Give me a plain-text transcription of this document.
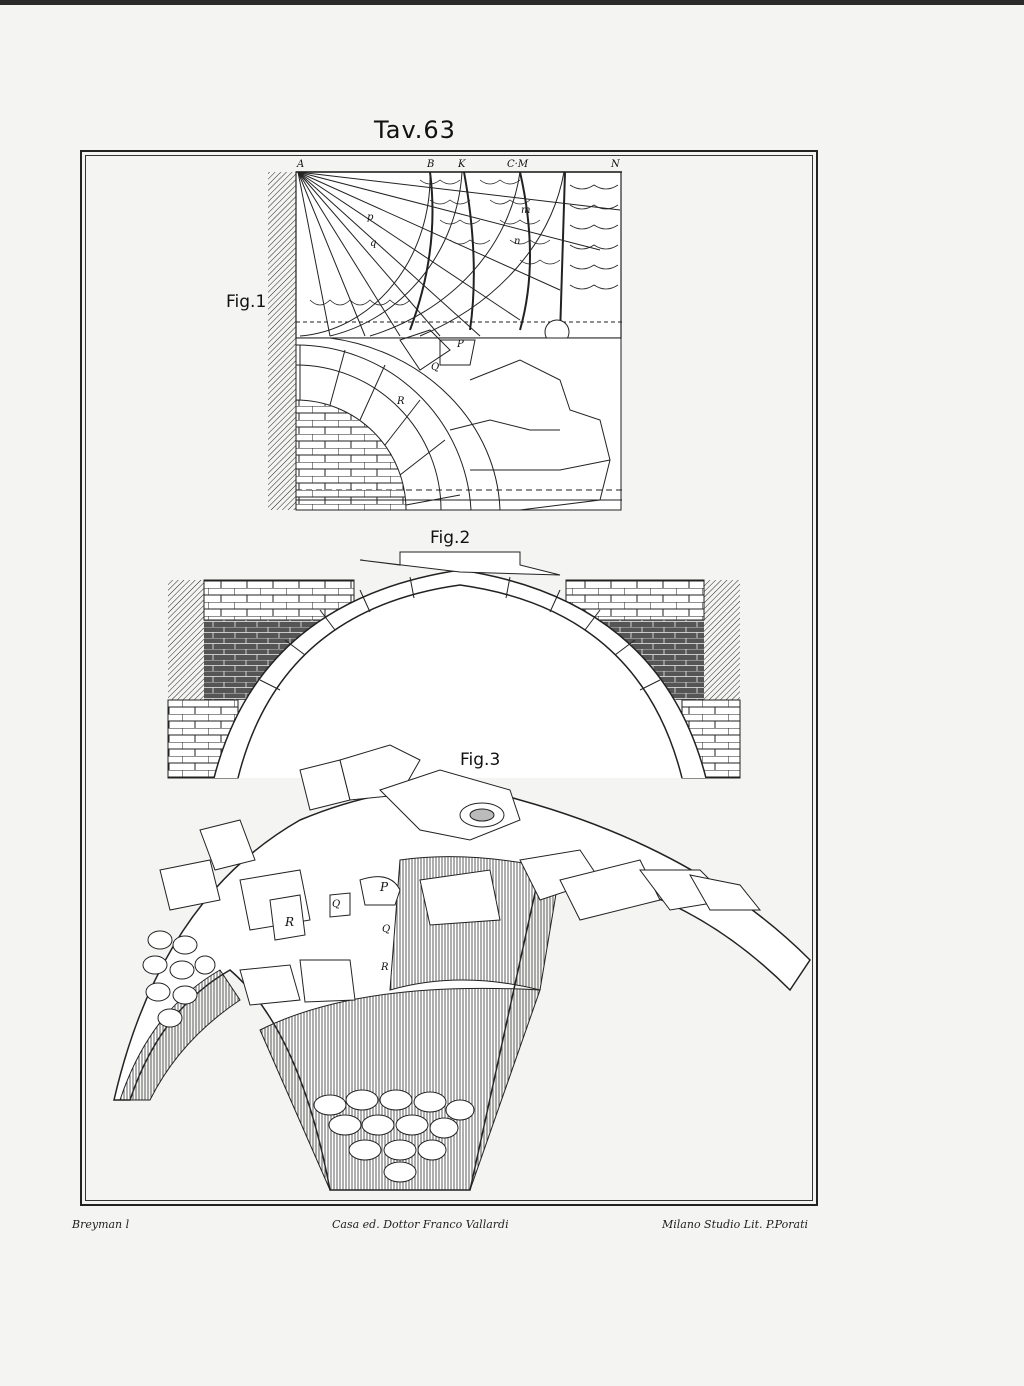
Tav.63
Fig.1
Fig.2
Fig.3
A	B K	C·M	N
p
q
m
n
P
Q
R
P
Q
R
R
Q
Breyman l	Casa ed. Dottor Franco Vallardi	Milano Studio Lit. P.Porati
